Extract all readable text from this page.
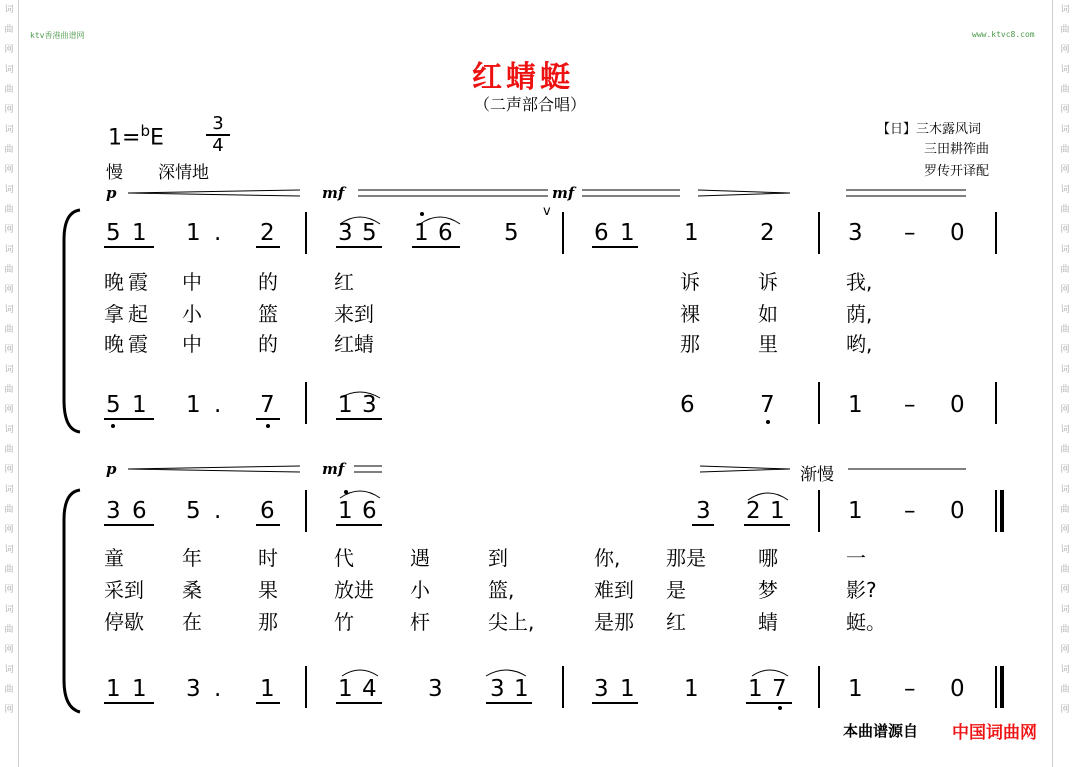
词
曲
网
词
曲
网
词
曲
网
词
曲
网
词
曲
网
词
曲
网
词
曲
网
词
曲
网
词
曲
网
词
曲
网
词
曲
网
词
曲
网
词
曲
网
词
曲
网
词
曲
网
词
曲
网
词
曲
网
词
曲
网
词
曲
网
词
曲
网
词
曲
网
词
曲
网
词
曲
网
词
曲
网
ktv香港曲谱网	www.ktvc8.com
红蜻蜓
（二声部合唱）
【日】三木露风词
三田耕筰曲
罗传开译配
1=$^b$E
3
4
慢 深情地
p	mf	mf
v
p	mf	渐慢
5 1 1 . 2	3 5 1 6 5	6 1 1	2	3 – 0
晚 霞 中	的	红	诉	诉	我,
拿 起 小	篮	来到	裸	如	荫,
晚 霞 中	的	红蜻	那	里	哟,
5 1 1 . 7	1 3	6	7	1 – 0
3 6 5 . 6	1 6	3 2 1	1 – 0
童	年	时	代	遇	到	你, 那是	哪	一
采到 桑	果	放进 小	篮,	难到 是	梦	影?
停歇 在	那	竹	杆	尖上,	是那 红	蜻	蜓。
1 1 3 . 1	1 4 3 3 1	3 1 1 1 7	1 – 0
本曲谱源自 中国词曲网
